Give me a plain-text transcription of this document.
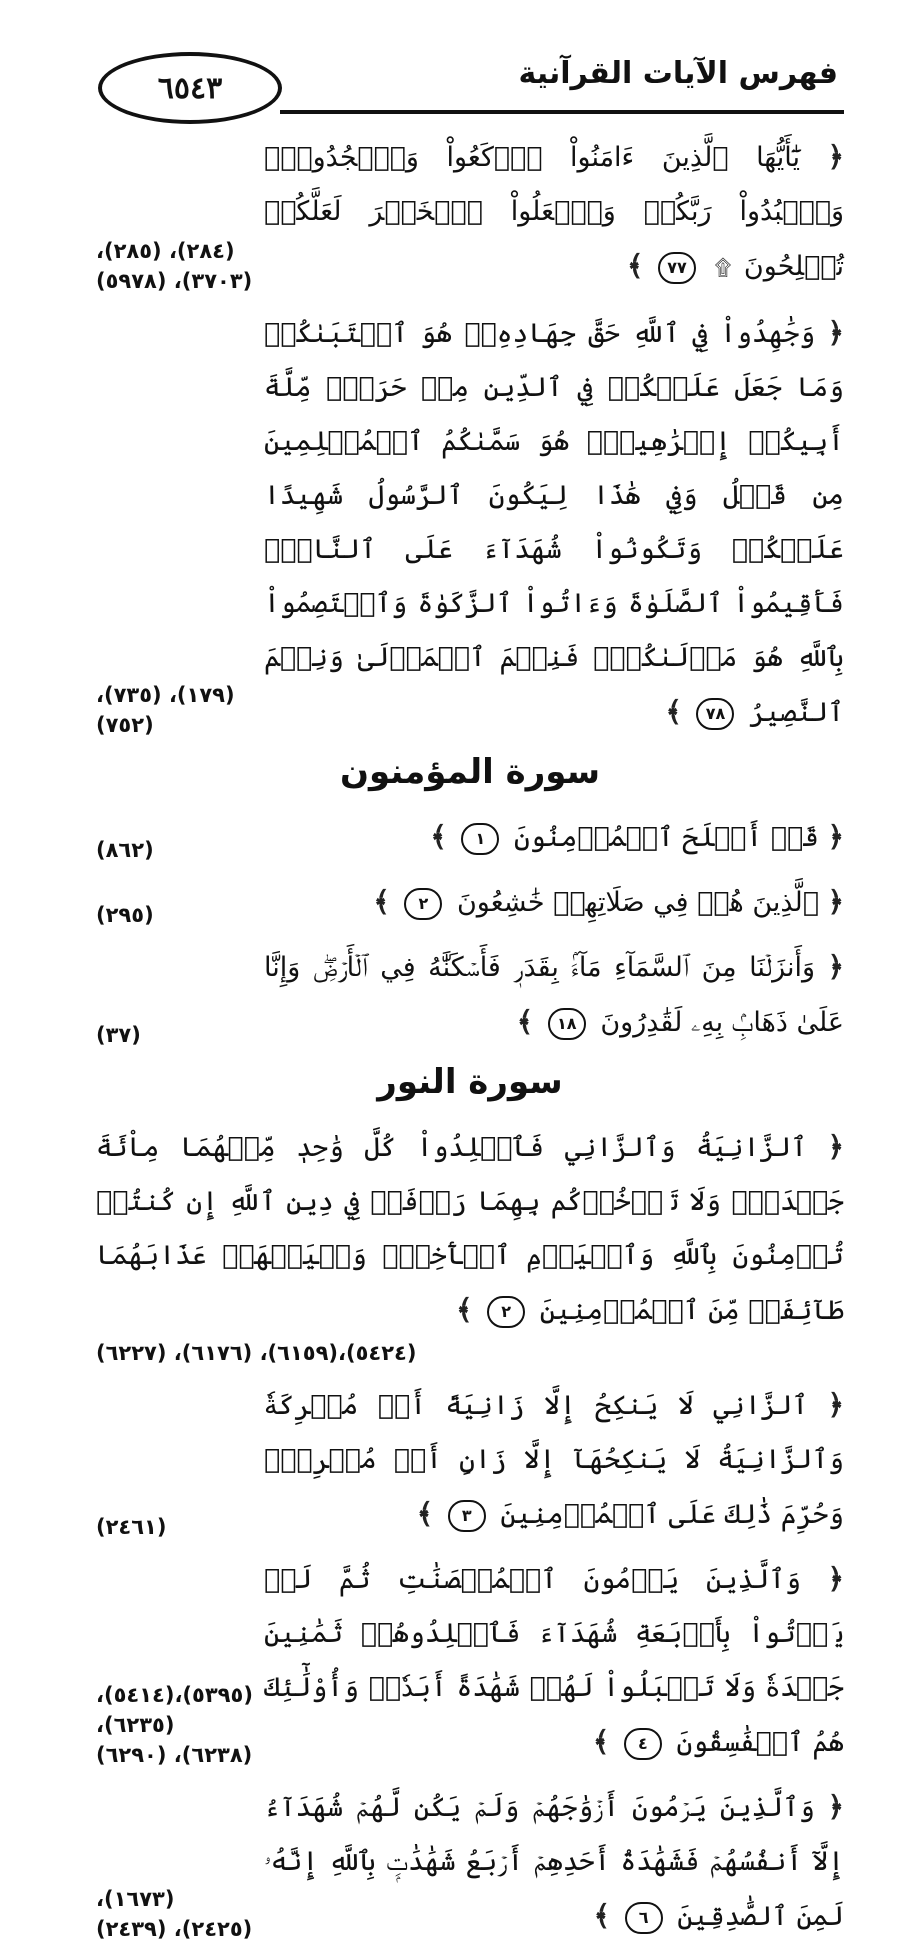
٦٥٤٣	فهرس الآيات القرآنية
﴿ يَٰٓأَيُّهَا ٱلَّذِينَ ءَامَنُواْ ٱرۡكَعُواْ وَٱسۡجُدُواْۤ وَٱعۡبُدُواْ رَبَّكُمۡ وَٱفۡعَلُواْ ٱلۡخَيۡرَ لَعَلَّكُمۡ تُفۡلِحُونَ ۩ ٧٧ ﴾
(٢٨٤)، (٢٨٥)، (٣٧٠٣)، (٥٩٧٨)
﴿ وَجَٰهِدُواْ فِي ٱللَّهِ حَقَّ جِهَادِهِۦۚ هُوَ ٱجۡتَبَىٰكُمۡ وَمَا جَعَلَ عَلَيۡكُمۡ فِي ٱلدِّينِ مِنۡ حَرَجٖۚ مِّلَّةَ أَبِيكُمۡ إِبۡرَٰهِيمَۚ هُوَ سَمَّىٰكُمُ ٱلۡمُسۡلِمِينَ مِن قَبۡلُ وَفِي هَٰذَا لِيَكُونَ ٱلرَّسُولُ شَهِيدًا عَلَيۡكُمۡ وَتَكُونُواْ شُهَدَآءَ عَلَى ٱلنَّاسِۚ فَأَقِيمُواْ ٱلصَّلَوٰةَ وَءَاتُواْ ٱلزَّكَوٰةَ وَٱعۡتَصِمُواْ بِٱللَّهِ هُوَ مَوۡلَىٰكُمۡۖ فَنِعۡمَ ٱلۡمَوۡلَىٰ وَنِعۡمَ ٱلنَّصِيرُ ٧٨ ﴾
(١٧٩)، (٧٣٥)، (٧٥٢)
سورة المؤمنون
﴿ قَدۡ أَفۡلَحَ ٱلۡمُؤۡمِنُونَ ١ ﴾
(٨٦٢)
﴿ ٱلَّذِينَ هُمۡ فِي صَلَاتِهِمۡ خَٰشِعُونَ ٢ ﴾
(٢٩٥)
﴿ وَأَنزَلۡنَا مِنَ ٱلسَّمَآءِ مَآءَۢ بِقَدَرٖ فَأَسۡكَنَّٰهُ فِي ٱلۡأَرۡضِۖ وَإِنَّا عَلَىٰ ذَهَابِۢ بِهِۦ لَقَٰدِرُونَ ١٨ ﴾
(٣٧)
سورة النور
﴿ ٱلزَّانِيَةُ وَٱلزَّانِي فَٱجۡلِدُواْ كُلَّ وَٰحِدٖ مِّنۡهُمَا مِاْئَةَ جَلۡدَةٖۖ وَلَا تَأۡخُذۡكُم بِهِمَا رَأۡفَةٞ فِي دِينِ ٱللَّهِ إِن كُنتُمۡ تُؤۡمِنُونَ بِٱللَّهِ وَٱلۡيَوۡمِ ٱلۡأٓخِرِۖ وَلۡيَشۡهَدۡ عَذَابَهُمَا طَآئِفَةٞ مِّنَ ٱلۡمُؤۡمِنِينَ ٢ ﴾
(٥٤٢٤)،(٦١٥٩)، (٦١٧٦)، (٦٢٢٧)
﴿ ٱلزَّانِي لَا يَنكِحُ إِلَّا زَانِيَةً أَوۡ مُشۡرِكَةٗ وَٱلزَّانِيَةُ لَا يَنكِحُهَآ إِلَّا زَانٍ أَوۡ مُشۡرِكٞۚ وَحُرِّمَ ذَٰلِكَ عَلَى ٱلۡمُؤۡمِنِينَ ٣ ﴾
(٢٤٦١)
﴿ وَٱلَّذِينَ يَرۡمُونَ ٱلۡمُحۡصَنَٰتِ ثُمَّ لَمۡ يَأۡتُواْ بِأَرۡبَعَةِ شُهَدَآءَ فَٱجۡلِدُوهُمۡ ثَمَٰنِينَ جَلۡدَةٗ وَلَا تَقۡبَلُواْ لَهُمۡ شَهَٰدَةً أَبَدٗاۚ وَأُوْلَٰٓئِكَ هُمُ ٱلۡفَٰسِقُونَ ٤ ﴾
(٥٣٩٥)،(٥٤١٤)، (٦٢٣٥)، (٦٢٣٨)، (٦٢٩٠)
﴿ وَٱلَّذِينَ يَرۡمُونَ أَزۡوَٰجَهُمۡ وَلَمۡ يَكُن لَّهُمۡ شُهَدَآءُ إِلَّآ أَنفُسُهُمۡ فَشَهَٰدَةُ أَحَدِهِمۡ أَرۡبَعُ شَهَٰدَٰتِۭ بِٱللَّهِ إِنَّهُۥ لَمِنَ ٱلصَّٰدِقِينَ ٦ ﴾
(١٦٧٣)، (٢٤٢٥)، (٢٤٣٩)
